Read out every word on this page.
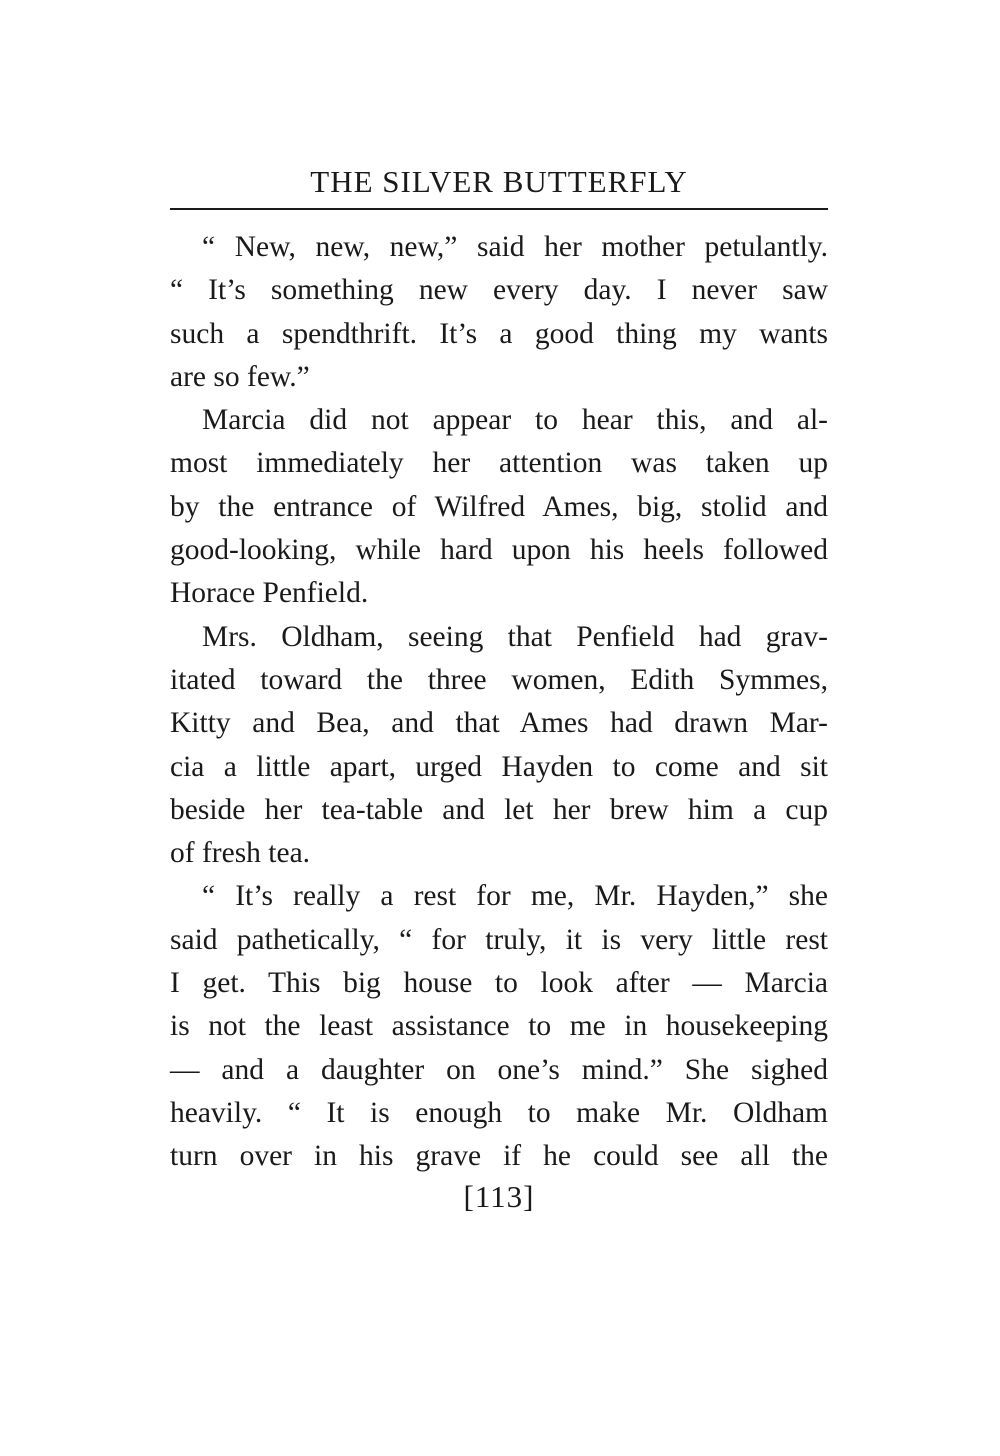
THE SILVER BUTTERFLY

“ New, new, new,” said her mother petulantly.
“ It’s something new every day. I never saw
such a spendthrift. It’s a good thing my wants
are so few.”

Marcia did not appear to hear this, and al-
most immediately her attention was taken up
by the entrance of Wilfred Ames, big, stolid and
good-looking, while hard upon his heels followed
Horace Penfield.

Mrs. Oldham, seeing that Penfield had grav-
itated toward the three women, Edith Symmes,
Kitty and Bea, and that Ames had drawn Mar-
cia a little apart, urged Hayden to come and sit
beside her tea-table and let her brew him a cup
of fresh tea.

“ It’s really a rest for me, Mr. Hayden,” she
said pathetically, “ for truly, it is very little rest
I get. This big house to look after — Marcia
is not the least assistance to me in housekeeping
— and a daughter on one’s mind.” She sighed
heavily. “ It is enough to make Mr. Oldham
turn over in his grave if he could see all the

[113]
